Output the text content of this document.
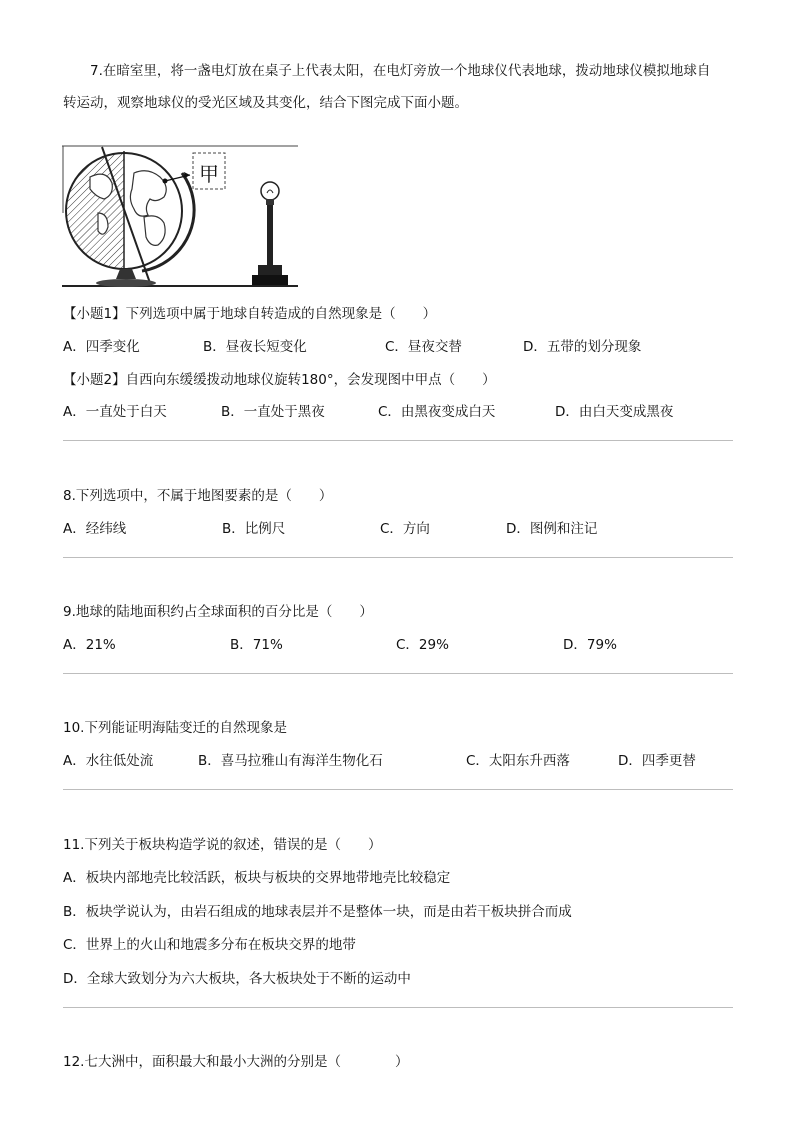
7.在暗室里，将一盏电灯放在桌子上代表太阳，在电灯旁放一个地球仪代表地球，拨动地球仪模拟地球自
转运动，观察地球仪的受光区域及其变化，结合下图完成下面小题。
甲
【小题1】下列选项中属于地球自转造成的自然现象是（　　）
A．四季变化	B．昼夜长短变化	C．昼夜交替	D．五带的划分现象
【小题2】自西向东缓缓拨动地球仪旋转180°，会发现图中甲点（　　）
A．一直处于白天	B．一直处于黑夜	C．由黑夜变成白天	D．由白天变成黑夜
8.下列选项中，不属于地图要素的是（　　）
A．经纬线	B．比例尺	C．方向	D．图例和注记
9.地球的陆地面积约占全球面积的百分比是（　　）
A．21%	B．71%	C．29%	D．79%
10.下列能证明海陆变迁的自然现象是
A．水往低处流	B．喜马拉雅山有海洋生物化石	C．太阳东升西落	D．四季更替
11.下列关于板块构造学说的叙述，错误的是（　　）
A．板块内部地壳比较活跃，板块与板块的交界地带地壳比较稳定
B．板块学说认为，由岩石组成的地球表层并不是整体一块，而是由若干板块拼合而成
C．世界上的火山和地震多分布在板块交界的地带
D．全球大致划分为六大板块，各大板块处于不断的运动中
12.七大洲中，面积最大和最小大洲的分别是（　　　　）
